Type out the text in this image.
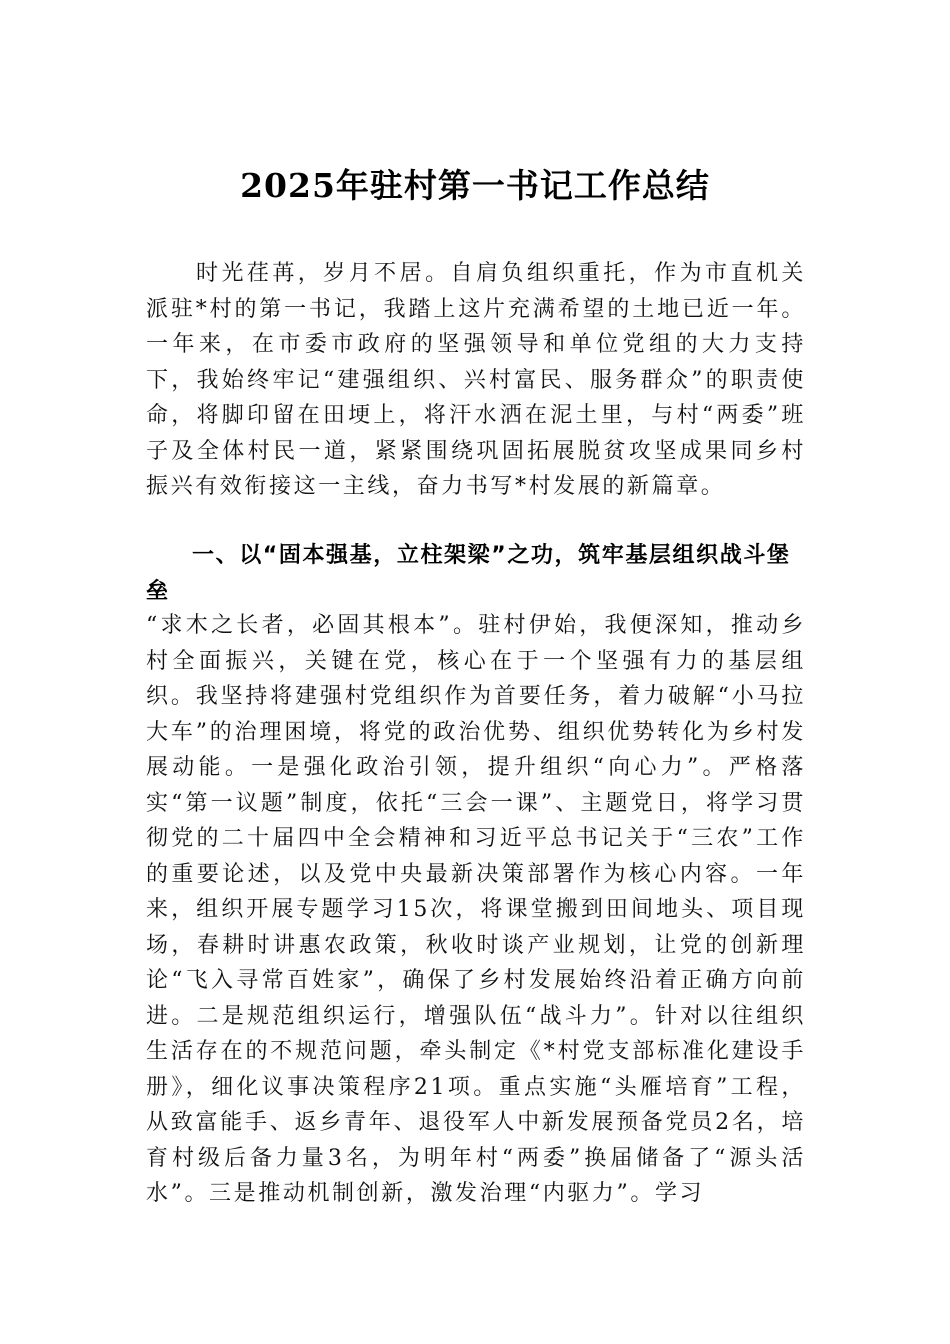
2025年驻村第一书记工作总结

时光荏苒，岁月不居。自肩负组织重托，作为市直机关派驻*村的第一书记，我踏上这片充满希望的土地已近一年。一年来，在市委市政府的坚强领导和单位党组的大力支持下，我始终牢记“建强组织、兴村富民、服务群众”的职责使命，将脚印留在田埂上，将汗水洒在泥土里，与村“两委”班子及全体村民一道，紧紧围绕巩固拓展脱贫攻坚成果同乡村振兴有效衔接这一主线，奋力书写*村发展的新篇章。

一、以“固本强基，立柱架梁”之功，筑牢基层组织战斗堡垒

“求木之长者，必固其根本”。驻村伊始，我便深知，推动乡村全面振兴，关键在党，核心在于一个坚强有力的基层组织。我坚持将建强村党组织作为首要任务，着力破解“小马拉大车”的治理困境，将党的政治优势、组织优势转化为乡村发展动能。一是强化政治引领，提升组织“向心力”。严格落实“第一议题”制度，依托“三会一课”、主题党日，将学习贯彻党的二十届四中全会精神和习近平总书记关于“三农”工作的重要论述，以及党中央最新决策部署作为核心内容。一年来，组织开展专题学习15次，将课堂搬到田间地头、项目现场，春耕时讲惠农政策，秋收时谈产业规划，让党的创新理论“飞入寻常百姓家”，确保了乡村发展始终沿着正确方向前进。二是规范组织运行，增强队伍“战斗力”。针对以往组织生活存在的不规范问题，牵头制定《*村党支部标准化建设手册》，细化议事决策程序21项。重点实施“头雁培育”工程，从致富能手、返乡青年、退役军人中新发展预备党员2名，培育村级后备力量3名，为明年村“两委”换届储备了“源头活水”。三是推动机制创新，激发治理“内驱力”。学习
